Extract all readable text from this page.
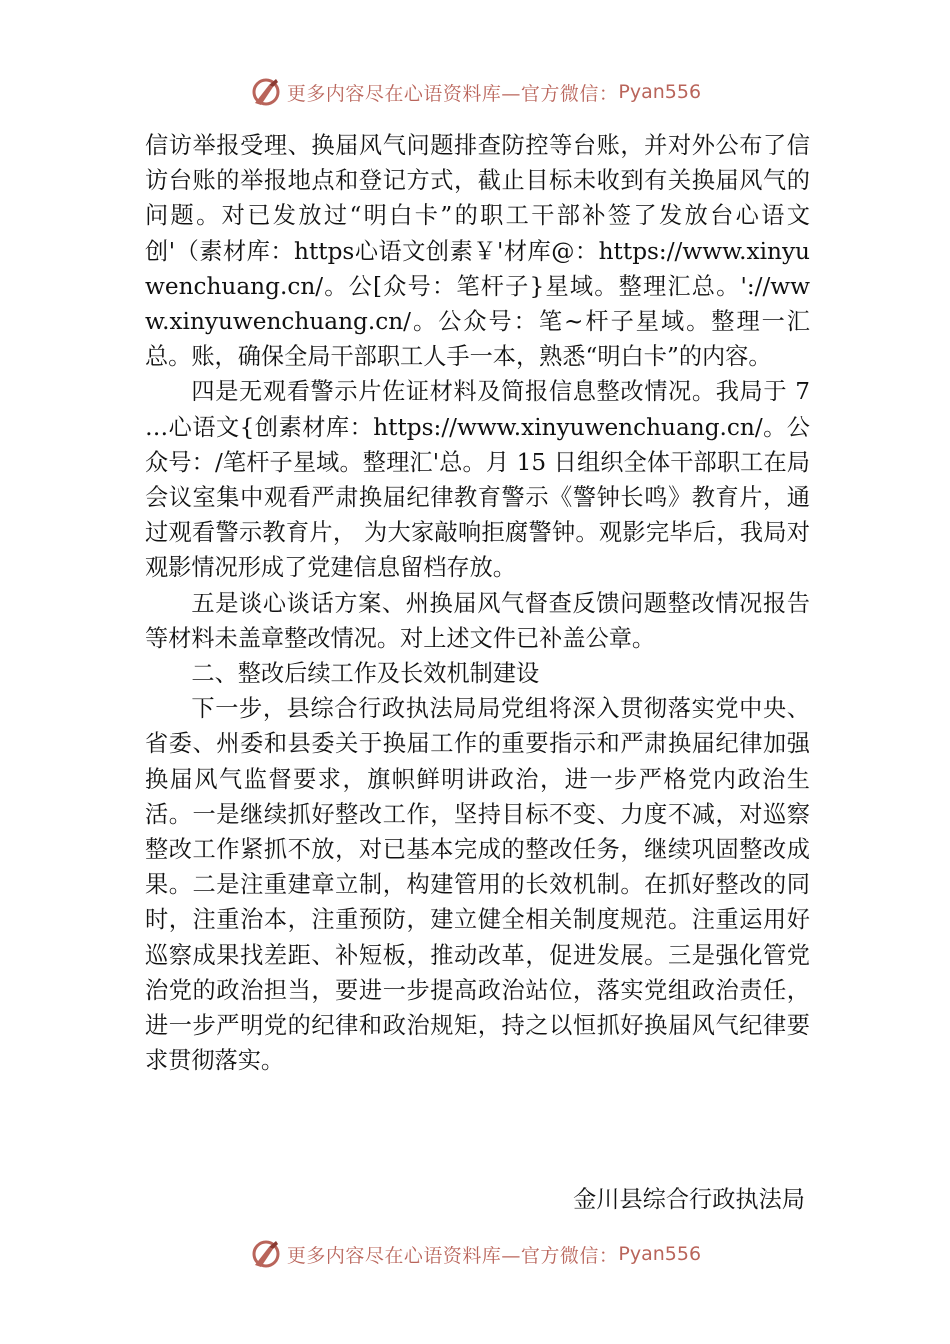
更多内容尽在心语资料库—官方微信： Pyan556

信访举报受理、换届风气问题排查防控等台账，并对外公布了信访台账的举报地点和登记方式，截止目标未收到有关换届风气的问题。对已发放过“明白卡”的职工干部补签了发放台心语文创'（素材库：https心语文创素￥'材库@：https://www.xinyuwenchuang.cn/。公[众号：笔杆子}星域。整理汇总。'://www.xinyuwenchuang.cn/。公众号：笔~杆子星域。整理一汇总。账，确保全局干部职工人手一本，熟悉“明白卡”的内容。

四是无观看警示片佐证材料及简报信息整改情况。我局于 7 …心语文{创素材库：https://www.xinyuwenchuang.cn/。公众号：/笔杆子星域。整理汇'总。月 15 日组织全体干部职工在局会议室集中观看严肃换届纪律教育警示《警钟长鸣》教育片，通过观看警示教育片， 为大家敲响拒腐警钟。观影完毕后，我局对观影情况形成了党建信息留档存放。

五是谈心谈话方案、州换届风气督查反馈问题整改情况报告等材料未盖章整改情况。对上述文件已补盖公章。

二、整改后续工作及长效机制建设

下一步，县综合行政执法局局党组将深入贯彻落实党中央、省委、州委和县委关于换届工作的重要指示和严肃换届纪律加强换届风气监督要求，旗帜鲜明讲政治，进一步严格党内政治生活。一是继续抓好整改工作，坚持目标不变、力度不减，对巡察整改工作紧抓不放，对已基本完成的整改任务，继续巩固整改成果。二是注重建章立制，构建管用的长效机制。在抓好整改的同时，注重治本，注重预防，建立健全相关制度规范。注重运用好巡察成果找差距、补短板，推动改革，促进发展。三是强化管党治党的政治担当，要进一步提高政治站位，落实党组政治责任，进一步严明党的纪律和政治规矩，持之以恒抓好换届风气纪律要求贯彻落实。

金川县综合行政执法局
更多内容尽在心语资料库—官方微信： Pyan556
